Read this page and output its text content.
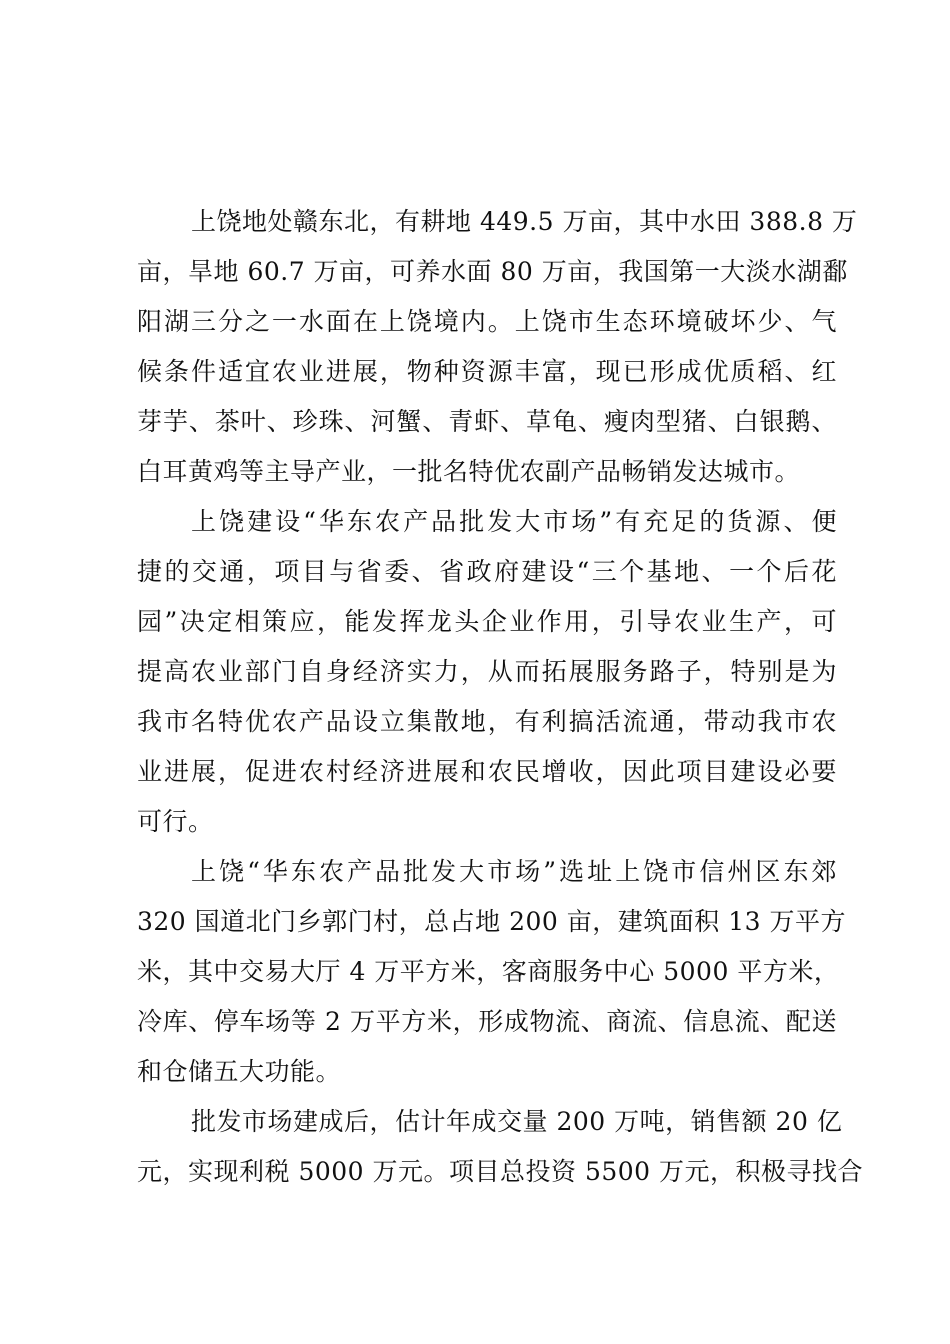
上饶地处赣东北，有耕地 449.5 万亩，其中水田 388.8 万
亩，旱地 60.7 万亩，可养水面 80 万亩，我国第一大淡水湖鄱
阳湖三分之一水面在上饶境内。上饶市生态环境破坏少、气
候条件适宜农业进展，物种资源丰富，现已形成优质稻、红
芽芋、茶叶、珍珠、河蟹、青虾、草龟、瘦肉型猪、白银鹅、
白耳黄鸡等主导产业，一批名特优农副产品畅销发达城市。
上饶建设“华东农产品批发大市场”有充足的货源、便
捷的交通，项目与省委、省政府建设“三个基地、一个后花
园”决定相策应，能发挥龙头企业作用，引导农业生产，可
提高农业部门自身经济实力，从而拓展服务路子，特别是为
我市名特优农产品设立集散地，有利搞活流通，带动我市农
业进展，促进农村经济进展和农民增收，因此项目建设必要
可行。
上饶“华东农产品批发大市场”选址上饶市信州区东郊
320 国道北门乡郭门村，总占地 200 亩，建筑面积 13 万平方
米，其中交易大厅 4 万平方米，客商服务中心 5000 平方米，
冷库、停车场等 2 万平方米，形成物流、商流、信息流、配送
和仓储五大功能。
批发市场建成后，估计年成交量 200 万吨，销售额 20 亿
元，实现利税 5000 万元。项目总投资 5500 万元，积极寻找合
